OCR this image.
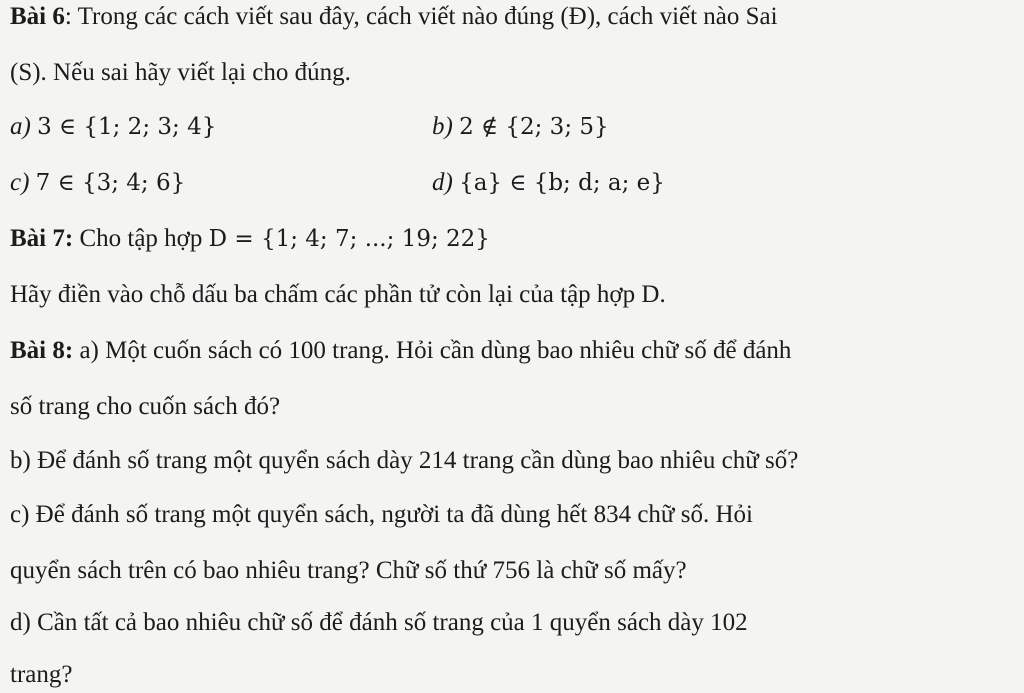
Bài 6: Trong các cách viết sau đây, cách viết nào đúng (Đ), cách viết nào Sai
(S). Nếu sai hãy viết lại cho đúng.
a) 3 ∈ {1; 2; 3; 4}	b) 2 ∉ {2; 3; 5}
c) 7 ∈ {3; 4; 6}	d) {a} ∈ {b; d; a; e}
Bài 7: Cho tập hợp D = {1; 4; 7; ...; 19; 22}
Hãy điền vào chỗ dấu ba chấm các phần tử còn lại của tập hợp D.
Bài 8: a) Một cuốn sách có 100 trang. Hỏi cần dùng bao nhiêu chữ số để đánh
số trang cho cuốn sách đó?
b) Để đánh số trang một quyển sách dày 214 trang cần dùng bao nhiêu chữ số?
c) Để đánh số trang một quyển sách, người ta đã dùng hết 834 chữ số. Hỏi
quyển sách trên có bao nhiêu trang? Chữ số thứ 756 là chữ số mấy?
d) Cần tất cả bao nhiêu chữ số để đánh số trang của 1 quyển sách dày 102
trang?
